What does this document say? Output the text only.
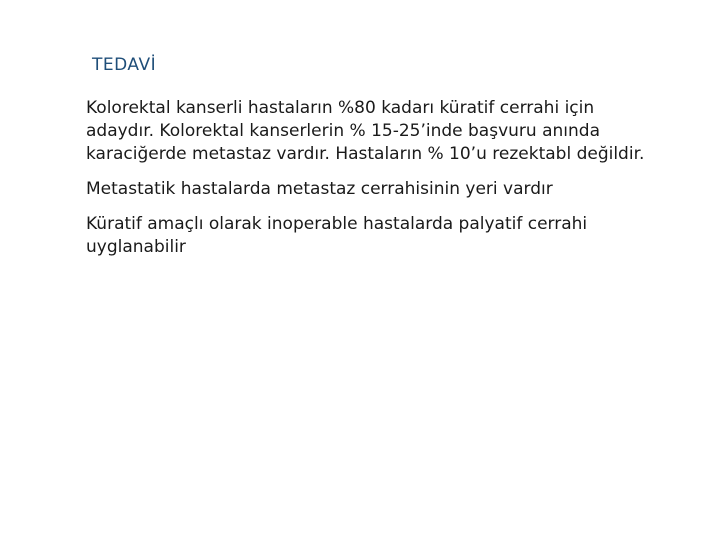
TEDAVİ

Kolorektal kanserli hastaların %80 kadarı küratif cerrahi için adaydır. Kolorektal kanserlerin % 15-25’inde başvuru anında karaciğerde metastaz vardır. Hastaların % 10’u rezektabl değildir.

Metastatik hastalarda metastaz cerrahisinin yeri vardır

Küratif amaçlı olarak inoperable hastalarda palyatif cerrahi uyglanabilir
